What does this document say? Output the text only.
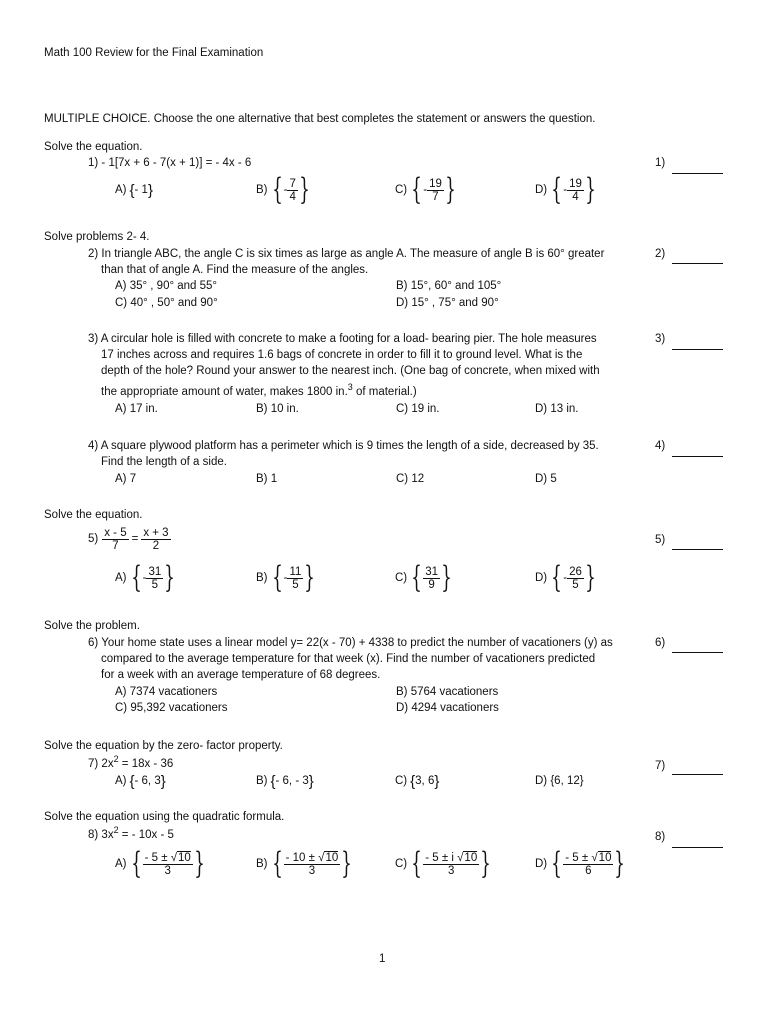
Math 100 Review for the Final Examination
MULTIPLE CHOICE. Choose the one alternative that best completes the statement or answers the question.
Solve the equation.
1) - 1[7x + 6 - 7(x + 1)] = - 4x - 6	1)
A) { - 1 }	B) { - $\frac{7}{4}$ }	C) { - $\frac{19}{7}$ }	D) { - $\frac{19}{4}$ }
Solve problems 2- 4.
2) In triangle ABC, the angle C is six times as large as angle A. The measure of angle B is 60° greater
than that of angle A. Find the measure of the angles.
2)
A) 35° , 90° and 55°	B) 15°, 60° and 105°
C) 40° , 50° and 90°	D) 15° , 75° and 90°
3) A circular hole is filled with concrete to make a footing for a load- bearing pier. The hole measures
17 inches across and requires 1.6 bags of concrete in order to fill it to ground level. What is the
depth of the hole? Round your answer to the nearest inch. (One bag of concrete, when mixed with
the appropriate amount of water, makes 1800 in.$^3$ of material.)
3)
A) 17 in.	B) 10 in.	C) 19 in.	D) 13 in.
4) A square plywood platform has a perimeter which is 9 times the length of a side, decreased by 35.
Find the length of a side.
4)
A) 7	B) 1	C) 12	D) 5
Solve the equation.
$5) \frac{x - 5}{7} = \frac{x + 3}{2}$	5)
A) { - $\frac{31}{5}$ }	B) { - $\frac{11}{5}$ }	C) { $\frac{31}{9}$ }	D) { - $\frac{26}{5}$ }
Solve the problem.
6) Your home state uses a linear model y= 22(x - 70) + 4338 to predict the number of vacationers (y) as
compared to the average temperature for that week (x). Find the number of vacationers predicted
for a week with an average temperature of 68 degrees.
6)
A) 7374 vacationers	B) 5764 vacationers
C) 95,392 vacationers	D) 4294 vacationers
Solve the equation by the zero- factor property.
7) $2x^2 = 18x - 36$	7)
A) { - 6, 3 }	B) { - 6, - 3 }	C) { 3, 6 }	D) {6, 12}
Solve the equation using the quadratic formula.
8) $3x^2$ = - 10x - 5	8)
A) { $\frac{- 5 \pm √10}{3}$ }	B) { $\frac{- 10 \pm √10}{3}$ }	C) { $\frac{- 5 \pm i √10}{3}$ }	D) { $\frac{- 5 \pm √10}{6}$ }
1
